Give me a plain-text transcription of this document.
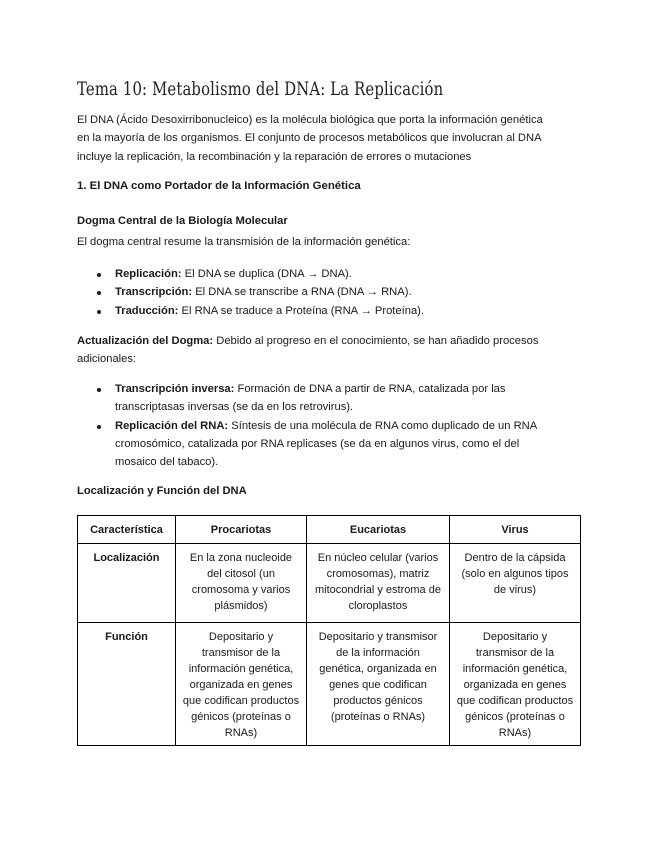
Tema 10: Metabolismo del DNA: La Replicación
El DNA (Ácido Desoxirribonucleico) es la molécula biológica que porta la información genética
en la mayoría de los organismos. El conjunto de procesos metabólicos que involucran al DNA
incluye la replicación, la recombinación y la reparación de errores o mutaciones
1. El DNA como Portador de la Información Genética
Dogma Central de la Biología Molecular
El dogma central resume la transmisión de la información genética:
Replicación: El DNA se duplica (DNA → DNA).
Transcripción: El DNA se transcribe a RNA (DNA → RNA).
Traducción: El RNA se traduce a Proteína (RNA → Proteína).
Actualización del Dogma: Debido al progreso en el conocimiento, se han añadido procesos
adicionales:
Transcripción inversa: Formación de DNA a partir de RNA, catalizada por las
transcriptasas inversas (se da en los retrovirus).
Replicación del RNA: Síntesis de una molécula de RNA como duplicado de un RNA
cromosómico, catalizada por RNA replicases (se da en algunos virus, como el del
mosaico del tabaco).
Localización y Función del DNA
Característica	Procariotas	Eucariotas	Virus
Localización	En la zona nucleoide del citosol (un cromosoma y varios plásmidos)	En núcleo celular (varios cromosomas), matriz mitocondrial y estroma de cloroplastos	Dentro de la cápsida (solo en algunos tipos de virus)
Función	Depositario y transmisor de la información genética, organizada en genes que codifican productos génicos (proteínas o RNAs)	Depositario y transmisor de la información genética, organizada en genes que codifican productos génicos (proteínas o RNAs)	Depositario y transmisor de la información genética, organizada en genes que codifican productos génicos (proteínas o RNAs)
